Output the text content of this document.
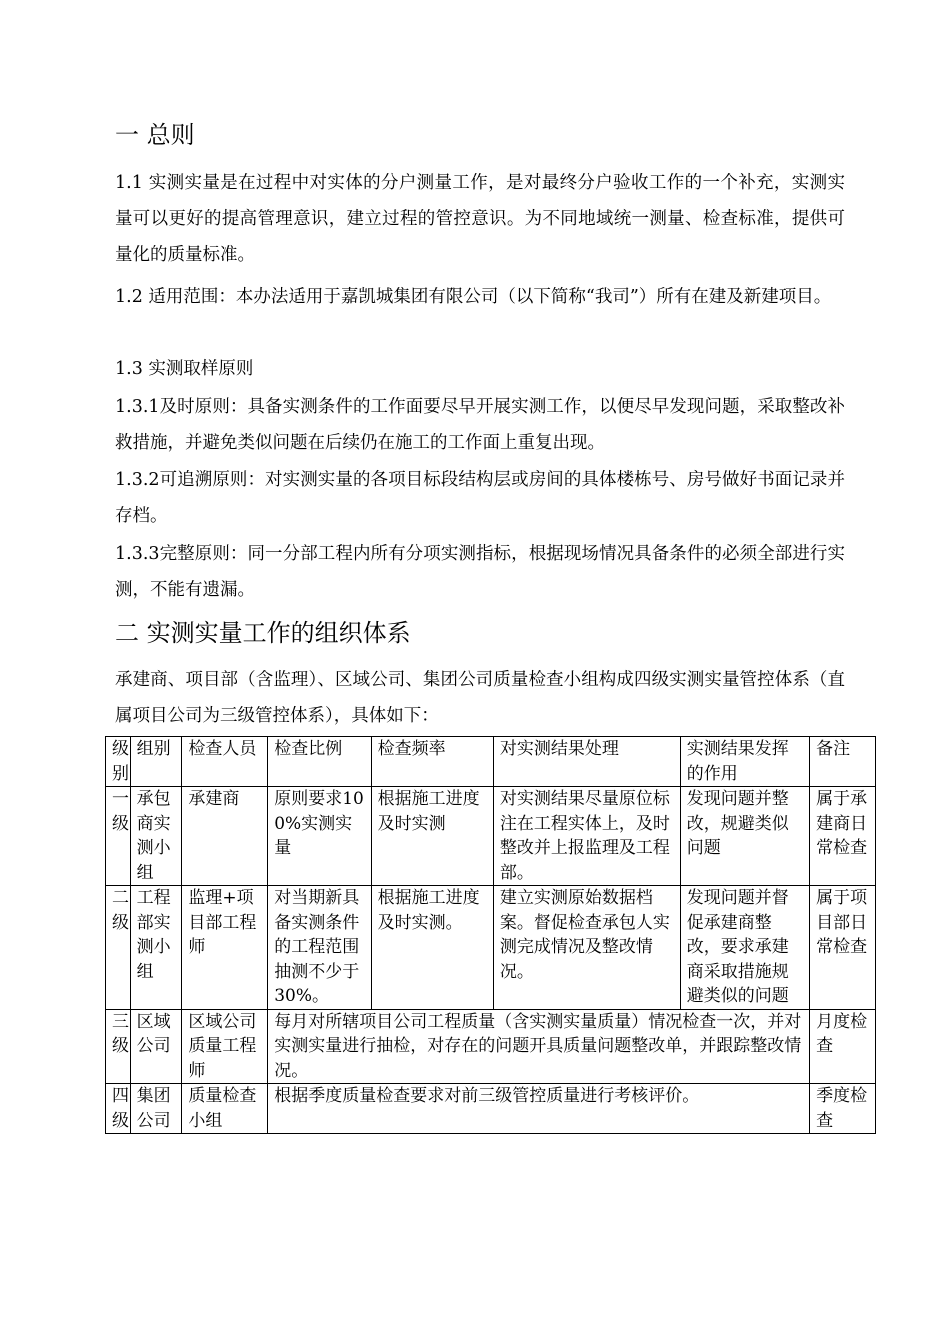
一 总则
1.1 实测实量是在过程中对实体的分户测量工作，是对最终分户验收工作的一个补充，实测实量可以更好的提高管理意识，建立过程的管控意识。为不同地域统一测量、检查标准，提供可量化的质量标准。
1.2 适用范围：本办法适用于嘉凯城集团有限公司（以下简称“我司”）所有在建及新建项目。
1.3 实测取样原则
1.3.1及时原则：具备实测条件的工作面要尽早开展实测工作，以便尽早发现问题，采取整改补救措施，并避免类似问题在后续仍在施工的工作面上重复出现。
1.3.2可追溯原则：对实测实量的各项目标段结构层或房间的具体楼栋号、房号做好书面记录并存档。
1.3.3完整原则：同一分部工程内所有分项实测指标，根据现场情况具备条件的必须全部进行实测，不能有遗漏。
二 实测实量工作的组织体系
承建商、项目部（含监理）、区域公司、集团公司质量检查小组构成四级实测实量管控体系（直属项目公司为三级管控体系），具体如下：
级别	组别	检查人员	检查比例	检查频率	对实测结果处理	实测结果发挥的作用	备注
一级	承包商实测小组	承建商	原则要求100%实测实量	根据施工进度及时实测	对实测结果尽量原位标注在工程实体上，及时整改并上报监理及工程部。	发现问题并整改，规避类似问题	属于承建商日常检查
二级	工程部实测小组	监理+项目部工程师	对当期新具备实测条件的工程范围抽测不少于30%。	根据施工进度及时实测。	建立实测原始数据档案。督促检查承包人实测完成情况及整改情况。	发现问题并督促承建商整改，要求承建商采取措施规避类似的问题	属于项目部日常检查
三级	区域公司	区域公司质量工程师	每月对所辖项目公司工程质量（含实测实量质量）情况检查一次，并对实测实量进行抽检，对存在的问题开具质量问题整改单，并跟踪整改情况。				月度检查
四级	集团公司	质量检查小组	根据季度质量检查要求对前三级管控质量进行考核评价。				季度检查
